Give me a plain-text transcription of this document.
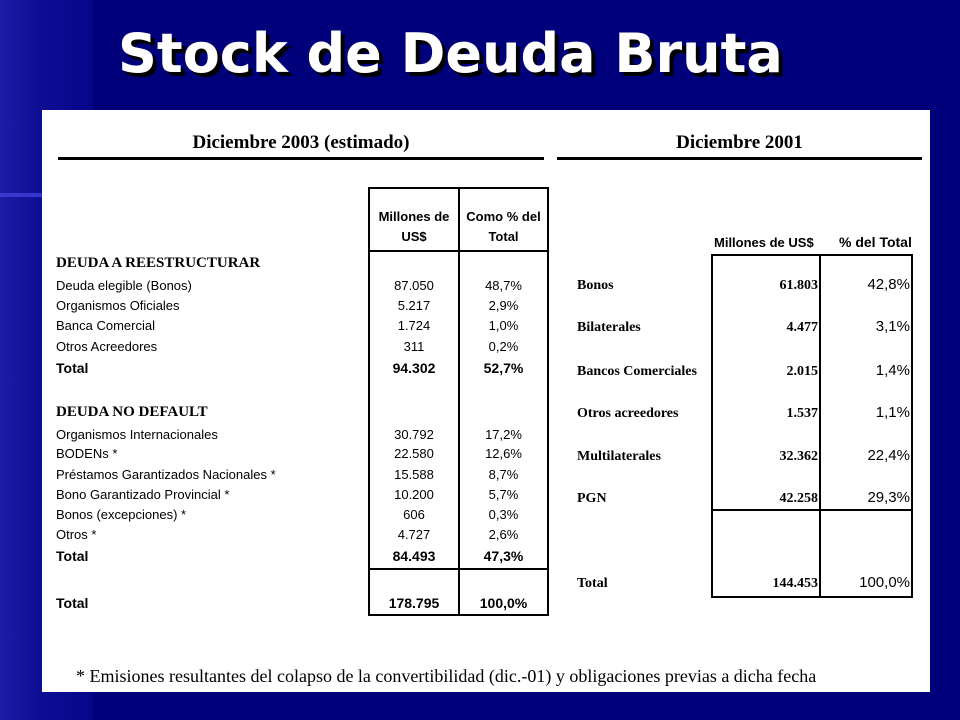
Stock de Deuda Bruta
Diciembre 2003 (estimado)
Millones de
US$
Como % del
Total
DEUDA A REESTRUCTURAR
Deuda elegible (Bonos)	87.050	48,7%
Organismos Oficiales	5.217	2,9%
Banca Comercial	1.724	1,0%
Otros Acreedores	311	0,2%
Total	94.302	52,7%
DEUDA NO DEFAULT
Organismos Internacionales	30.792	17,2%
BODENs *	22.580	12,6%
Préstamos Garantizados Nacionales *	15.588	8,7%
Bono Garantizado Provincial *	10.200	5,7%
Bonos (excepciones) *	606	0,3%
Otros *	4.727	2,6%
Total	84.493	47,3%
Total	178.795	100,0%
Diciembre 2001
Millones de US$	% del Total
Bonos	61.803	42,8%
Bilaterales	4.477	3,1%
Bancos Comerciales	2.015	1,4%
Otros acreedores	1.537	1,1%
Multilaterales	32.362	22,4%
PGN	42.258	29,3%
Total	144.453	100,0%
* Emisiones resultantes del colapso de la convertibilidad (dic.-01) y obligaciones previas a dicha fecha
